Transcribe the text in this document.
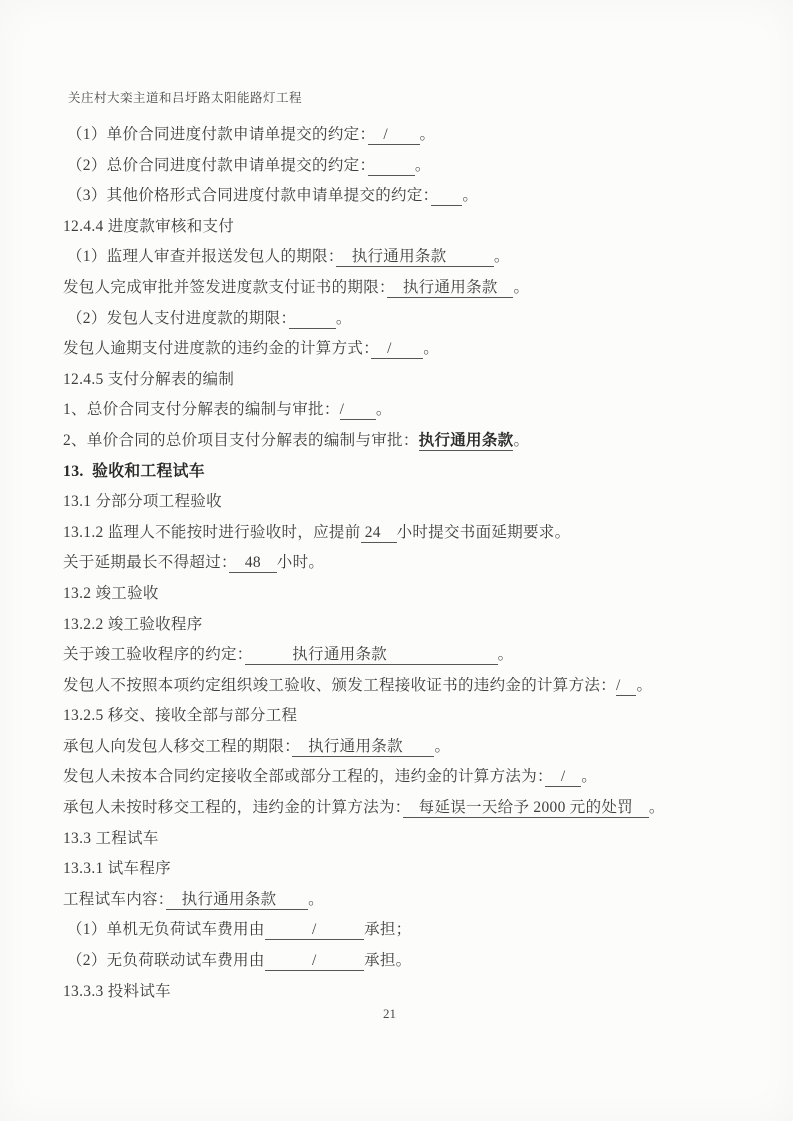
关庄村大栾主道和吕圩路太阳能路灯工程
（1）单价合同进度付款申请单提交的约定：　/　　。
（2）总价合同进度付款申请单提交的约定：　　　	。
（3）其他价格形式合同进度付款申请单提交的约定：　　 。
12.4.4 进度款审核和支付
（1）监理人审查并报送发包人的期限：　执行通用条款　　　。
发包人完成审批并签发进度款支付证书的期限：　执行通用条款　。
（2）发包人支付进度款的期限：　　　	。
发包人逾期支付进度款的违约金的计算方式：　/　　。
12.4.5 支付分解表的编制
1、总价合同支付分解表的编制与审批：/　　。
2、单价合同的总价项目支付分解表的编制与审批：执行通用条款。
13.  验收和工程试车
13.1 分部分项工程验收
13.1.2 监理人不能按时进行验收时，应提前 24　小时提交书面延期要求。
关于延期最长不得超过：　48　小时。
13.2 竣工验收
13.2.2 竣工验收程序
关于竣工验收程序的约定：　　　执行通用条款　　　　　　　。
发包人不按照本项约定组织竣工验收、颁发工程接收证书的违约金的计算方法：/　。
13.2.5 移交、接收全部与部分工程
承包人向发包人移交工程的期限：　执行通用条款　　。
发包人未按本合同约定接收全部或部分工程的，违约金的计算方法为：　/　。
承包人未按时移交工程的，违约金的计算方法为：　每延误一天给予 2000 元的处罚　。
13.3 工程试车
13.3.1 试车程序
工程试车内容：　执行通用条款　　。
（1）单机无负荷试车费用由　　　/　　　承担；
（2）无负荷联动试车费用由　　　/　　　承担。
13.3.3 投料试车
21
